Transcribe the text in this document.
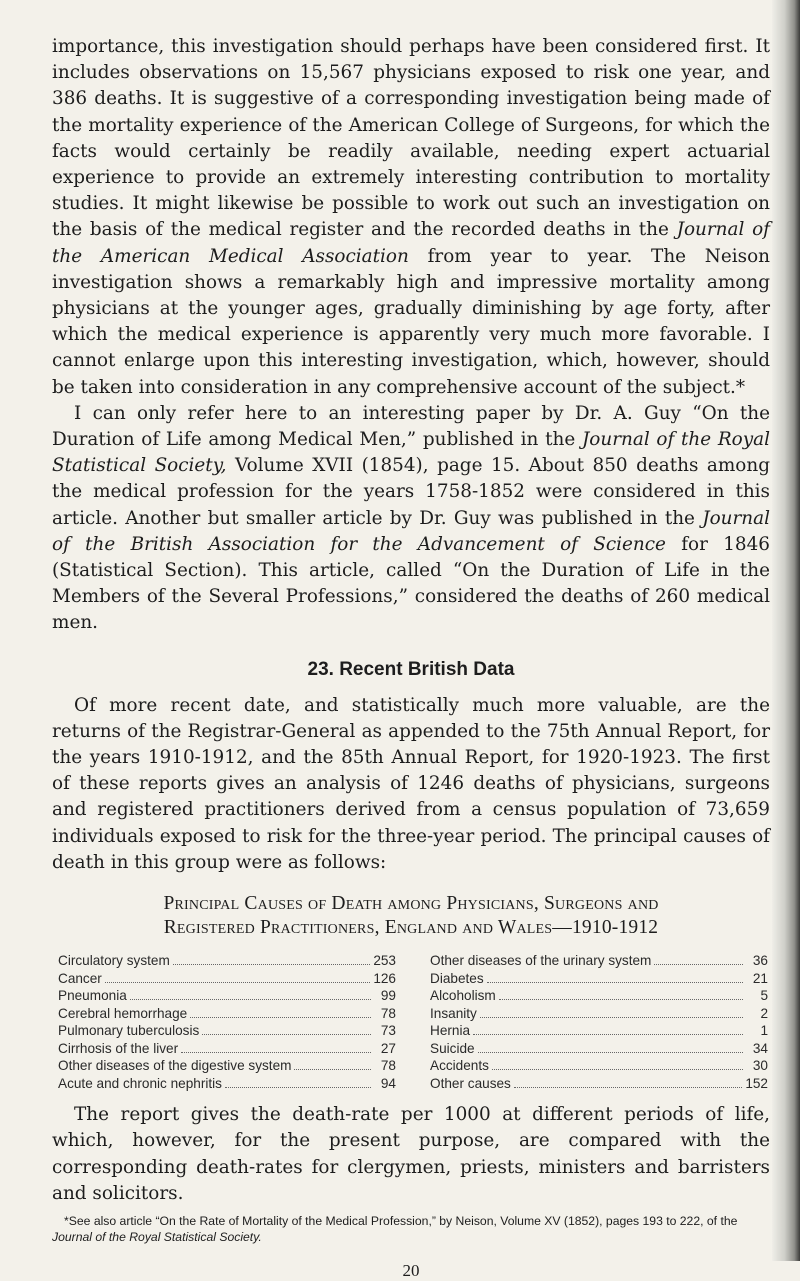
importance, this investigation should perhaps have been considered first. It includes observations on 15,567 physicians exposed to risk one year, and 386 deaths. It is suggestive of a corresponding investigation being made of the mortality experience of the American College of Surgeons, for which the facts would certainly be readily available, needing expert actuarial experience to provide an extremely interesting contribution to mortality studies. It might likewise be possible to work out such an investigation on the basis of the medical register and the recorded deaths in the Journal of the American Medical Association from year to year. The Neison investigation shows a remarkably high and impressive mortality among physicians at the younger ages, gradually diminishing by age forty, after which the medical experience is apparently very much more favorable. I cannot enlarge upon this interesting investigation, which, however, should be taken into consideration in any comprehensive account of the subject.*

I can only refer here to an interesting paper by Dr. A. Guy “On the Duration of Life among Medical Men,” published in the Journal of the Royal Statistical Society, Volume XVII (1854), page 15. About 850 deaths among the medical profession for the years 1758-1852 were considered in this article. Another but smaller article by Dr. Guy was published in the Journal of the British Association for the Advancement of Science for 1846 (Statistical Section). This article, called “On the Duration of Life in the Members of the Several Professions,” considered the deaths of 260 medical men.

23. Recent British Data

Of more recent date, and statistically much more valuable, are the returns of the Registrar-General as appended to the 75th Annual Report, for the years 1910-1912, and the 85th Annual Report, for 1920-1923. The first of these reports gives an analysis of 1246 deaths of physicians, surgeons and registered practitioners derived from a census population of 73,659 individuals exposed to risk for the three-year period. The principal causes of death in this group were as follows:

Principal Causes of Death among Physicians, Surgeons and
Registered Practitioners, England and Wales—1910-1912
Circulatory system	253
Cancer	126
Pneumonia	99
Cerebral hemorrhage	78
Pulmonary tuberculosis	73
Cirrhosis of the liver	27
Other diseases of the digestive system	78
Acute and chronic nephritis	94
Other diseases of the urinary system	36
Diabetes	21
Alcoholism	5
Insanity	2
Hernia	1
Suicide	34
Accidents	30
Other causes	152

The report gives the death-rate per 1000 at different periods of life, which, however, for the present purpose, are compared with the corresponding death-rates for clergymen, priests, ministers and barristers and solicitors.

*See also article “On the Rate of Mortality of the Medical Profession,” by Neison, Volume XV (1852), pages 193 to 222, of the Journal of the Royal Statistical Society.
20
